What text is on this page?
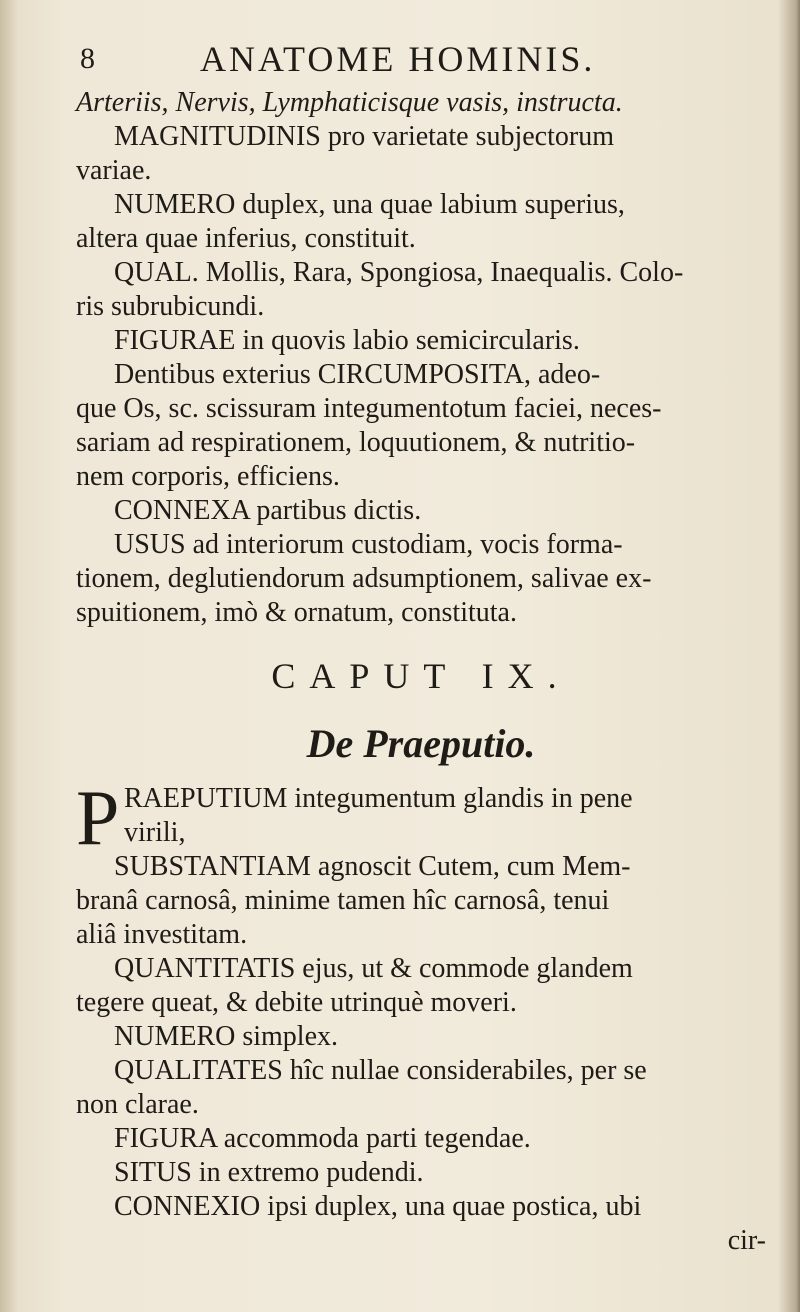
8	ANATOME HOMINIS.
Arteriis, Nervis, Lymphaticisque vasis, instructa.
MAGNITUDINIS pro varietate subjectorum
variae.
NUMERO duplex, una quae labium superius,
altera quae inferius, constituit.
QUAL. Mollis, Rara, Spongiosa, Inaequalis. Colo-
ris subrubicundi.
FIGURAE in quovis labio semicircularis.
Dentibus exterius CIRCUMPOSITA, adeo-
que Os, sc. scissuram integumentotum faciei, neces-
sariam ad respirationem, loquutionem, & nutritio-
nem corporis, efficiens.
CONNEXA partibus dictis.
USUS ad interiorum custodiam, vocis forma-
tionem, deglutiendorum adsumptionem, salivae ex-
spuitionem, imò & ornatum, constituta.
CAPUT IX.
De Praeputio.
P RAEPUTIUM integumentum glandis in pene
virili,
SUBSTANTIAM agnoscit Cutem, cum Mem-
branâ carnosâ, minime tamen hîc carnosâ, tenui
aliâ investitam.
QUANTITATIS ejus, ut & commode glandem
tegere queat, & debite utrinquè moveri.
NUMERO simplex.
QUALITATES hîc nullae considerabiles, per se
non clarae.
FIGURA accommoda parti tegendae.
SITUS in extremo pudendi.
CONNEXIO ipsi duplex, una quae postica, ubi
cir-
